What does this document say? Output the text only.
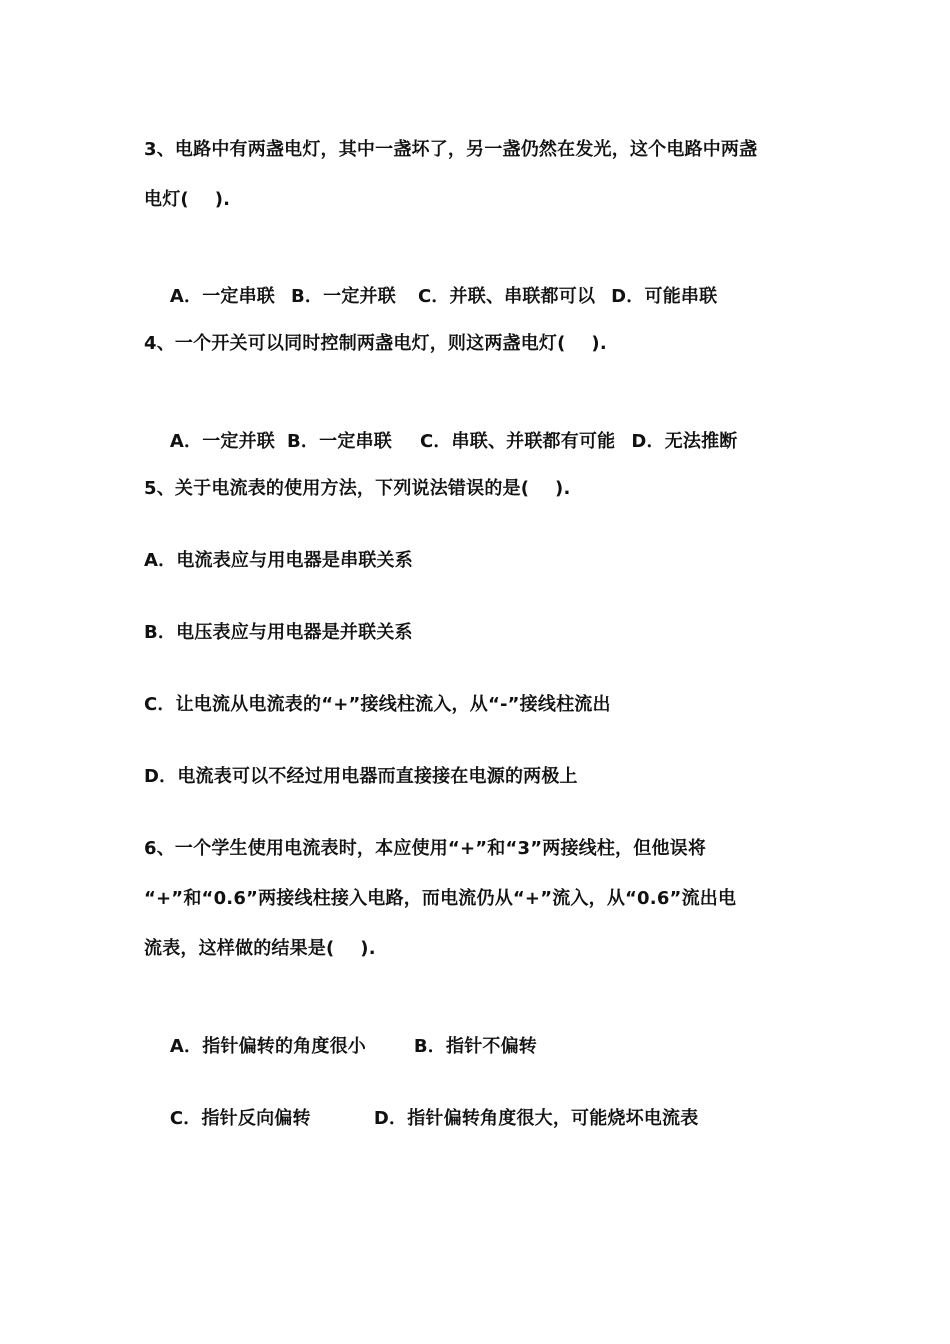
3、电路中有两盏电灯，其中一盏坏了，另一盏仍然在发光，这个电路中两盏
电灯(    ).

A．一定串联 B．一定并联 C．并联、串联都可以 D．可能串联

4、一个开关可以同时控制两盏电灯，则这两盏电灯(    ).

A．一定并联 B．一定串联 C．串联、并联都有可能 D．无法推断

5、关于电流表的使用方法，下列说法错误的是(    ).
A．电流表应与用电器是串联关系
B．电压表应与用电器是并联关系
C．让电流从电流表的“+”接线柱流入，从“-”接线柱流出
D．电流表可以不经过用电器而直接接在电源的两极上
6、一个学生使用电流表时，本应使用“+”和“3”两接线柱，但他误将
“+”和“0.6”两接线柱接入电路，而电流仍从“+”流入，从“0.6”流出电
流表，这样做的结果是(    ).

A．指针偏转的角度很小	B．指针不偏转

C．指针反向偏转	D．指针偏转角度很大，可能烧坏电流表
